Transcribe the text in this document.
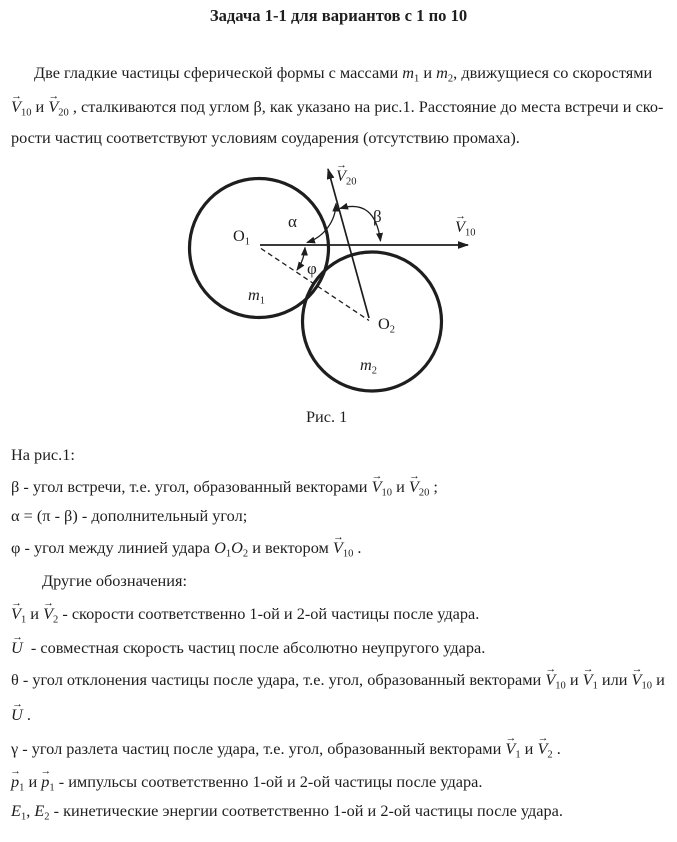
Задача 1-1 для вариантов с 1 по 10
Две гладкие частицы сферической формы с массами $m_1$ и $m_2$, движущиеся со скоростями
→ $V_{10}$ $и \to V_{20}$ , сталкиваются под углом β, как указано на рис.1. Расстояние до места встречи и ско-
рости частиц соответствуют условиям соударения (отсутствию промаха).
→ $V_{20}$
→ $V_{10}$
α	β
φ
$O_1$
$O_2$
$m_1$
$m_2$
Рис. 1
На рис.1:
β - угол встречи, т.е. угол, образованный векторами → $V_{10}$ $и \to V_{20}$ ;
α = (π - β) - дополнительный угол;
φ - угол между линией удара $O_1O_2$ и вектором → $V_{10}$ .
Другие обозначения:
→ $V_1$ $и \to V_2$ - скорости соответственно 1-ой и 2-ой частицы после удара.
→ U  - совместная скорость частиц после абсолютно неупругого удара.
θ - угол отклонения частицы после удара, т.е. угол, образованный векторами → $V_{10}$ $и \to V_1$ или → $V_{10}$ и
→ U .
γ - угол разлета частиц после удара, т.е. угол, образованный векторами → $V_1$ $и \to V_2$ .
→ $p_1$ $и \to p_1$ - импульсы соответственно 1-ой и 2-ой частицы после удара.
$E_1$, $E_2$ - кинетические энергии соответственно 1-ой и 2-ой частицы после удара.
